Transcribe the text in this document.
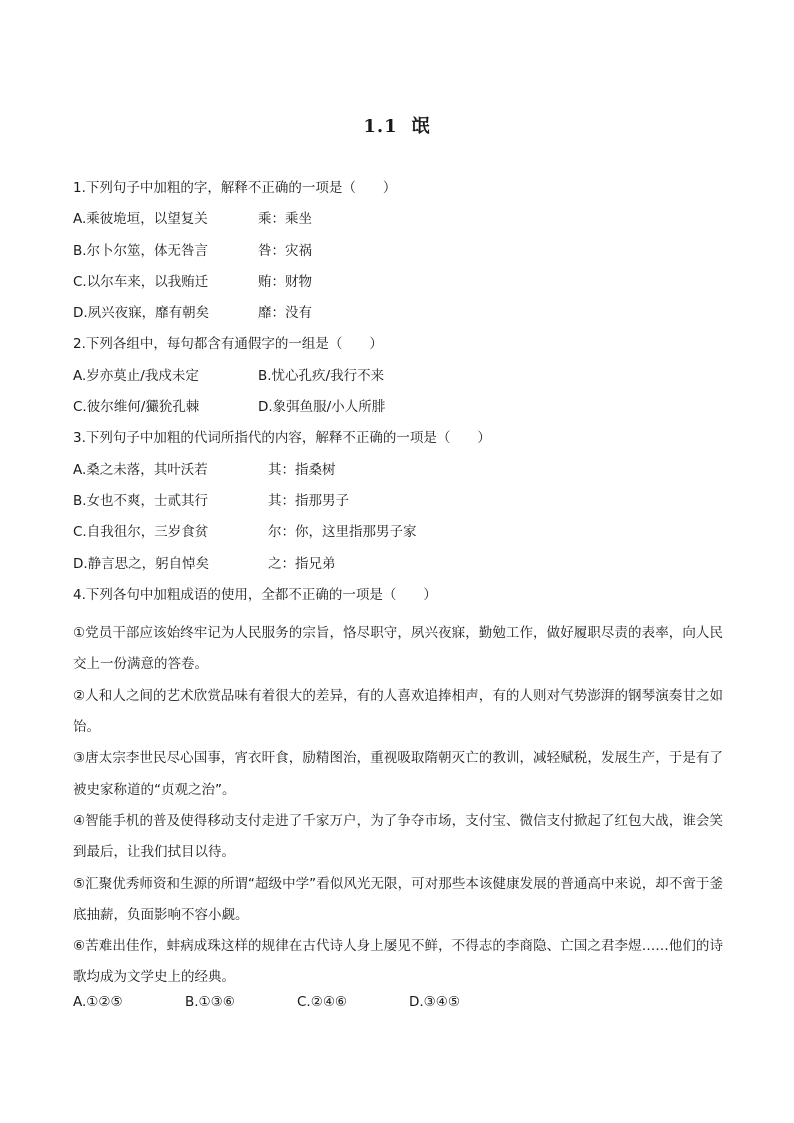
1.1 氓
1.下列句子中加粗的字，解释不正确的一项是（　　）
A.乘彼垝垣，以望复关	乘：乘坐
B.尔卜尔筮，体无咎言	咎：灾祸
C.以尔车来，以我贿迁	贿：财物
D.夙兴夜寐，靡有朝矣	靡：没有
2.下列各组中，每句都含有通假字的一组是（　　）
A.岁亦莫止/我戍未定	B.忧心孔疚/我行不来
C.彼尔维何/玁狁孔棘	D.象弭鱼服/小人所腓
3.下列句子中加粗的代词所指代的内容，解释不正确的一项是（　　）
A.桑之未落，其叶沃若	其：指桑树
B.女也不爽，士贰其行	其：指那男子
C.自我徂尔，三岁食贫	尔：你，这里指那男子家
D.静言思之，躬自悼矣	之：指兄弟
4.下列各句中加粗成语的使用，全都不正确的一项是（　　）

①党员干部应该始终牢记为人民服务的宗旨，恪尽职守，夙兴夜寐，勤勉工作，做好履职尽责的表率，向人民交上一份满意的答卷。

②人和人之间的艺术欣赏品味有着很大的差异，有的人喜欢追捧相声，有的人则对气势澎湃的钢琴演奏甘之如饴。

③唐太宗李世民尽心国事，宵衣旰食，励精图治，重视吸取隋朝灭亡的教训，减轻赋税，发展生产，于是有了被史家称道的“贞观之治”。

④智能手机的普及使得移动支付走进了千家万户，为了争夺市场，支付宝、微信支付掀起了红包大战，谁会笑到最后，让我们拭目以待。

⑤汇聚优秀师资和生源的所谓“超级中学”看似风光无限，可对那些本该健康发展的普通高中来说，却不啻于釜底抽薪，负面影响不容小觑。

⑥苦难出佳作，蚌病成珠这样的规律在古代诗人身上屡见不鲜，不得志的李商隐、亡国之君李煜……他们的诗歌均成为文学史上的经典。

A.①②⑤	B.①③⑥	C.②④⑥	D.③④⑤
